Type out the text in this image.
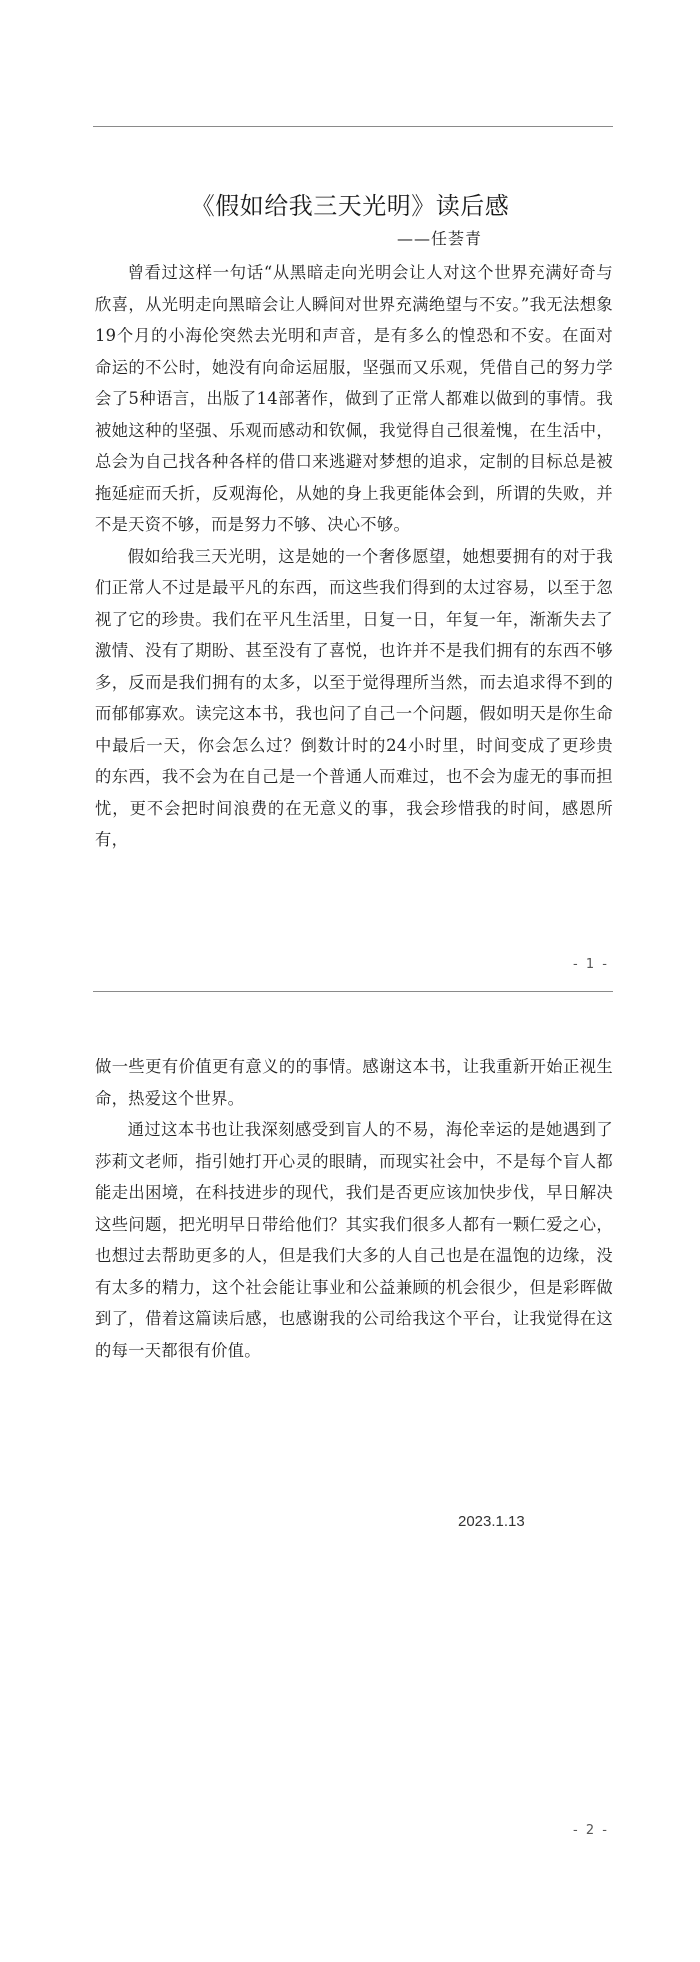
《假如给我三天光明》读后感
——任荟青

曾看过这样一句话“从黑暗走向光明会让人对这个世界充满好奇与欣喜，从光明走向黑暗会让人瞬间对世界充满绝望与不安。”我无法想象19个月的小海伦突然去光明和声音，是有多么的惶恐和不安。在面对命运的不公时，她没有向命运屈服，坚强而又乐观，凭借自己的努力学会了5种语言，出版了14部著作，做到了正常人都难以做到的事情。我被她这种的坚强、乐观而感动和钦佩，我觉得自己很羞愧，在生活中，总会为自己找各种各样的借口来逃避对梦想的追求，定制的目标总是被拖延症而夭折，反观海伦，从她的身上我更能体会到，所谓的失败，并不是天资不够，而是努力不够、决心不够。

假如给我三天光明，这是她的一个奢侈愿望，她想要拥有的对于我们正常人不过是最平凡的东西，而这些我们得到的太过容易，以至于忽视了它的珍贵。我们在平凡生活里，日复一日，年复一年，渐渐失去了激情、没有了期盼、甚至没有了喜悦，也许并不是我们拥有的东西不够多，反而是我们拥有的太多，以至于觉得理所当然，而去追求得不到的而郁郁寡欢。读完这本书，我也问了自己一个问题，假如明天是你生命中最后一天，你会怎么过？倒数计时的24小时里，时间变成了更珍贵的东西，我不会为在自己是一个普通人而难过，也不会为虚无的事而担忧，更不会把时间浪费的在无意义的事，我会珍惜我的时间，感恩所有，

- 1 -

做一些更有价值更有意义的的事情。感谢这本书，让我重新开始正视生命，热爱这个世界。

通过这本书也让我深刻感受到盲人的不易，海伦幸运的是她遇到了莎莉文老师，指引她打开心灵的眼睛，而现实社会中，不是每个盲人都能走出困境，在科技进步的现代，我们是否更应该加快步伐，早日解决这些问题，把光明早日带给他们？其实我们很多人都有一颗仁爱之心，也想过去帮助更多的人，但是我们大多的人自己也是在温饱的边缘，没有太多的精力，这个社会能让事业和公益兼顾的机会很少，但是彩晖做到了，借着这篇读后感，也感谢我的公司给我这个平台，让我觉得在这的每一天都很有价值。

2023.1.13
- 2 -
